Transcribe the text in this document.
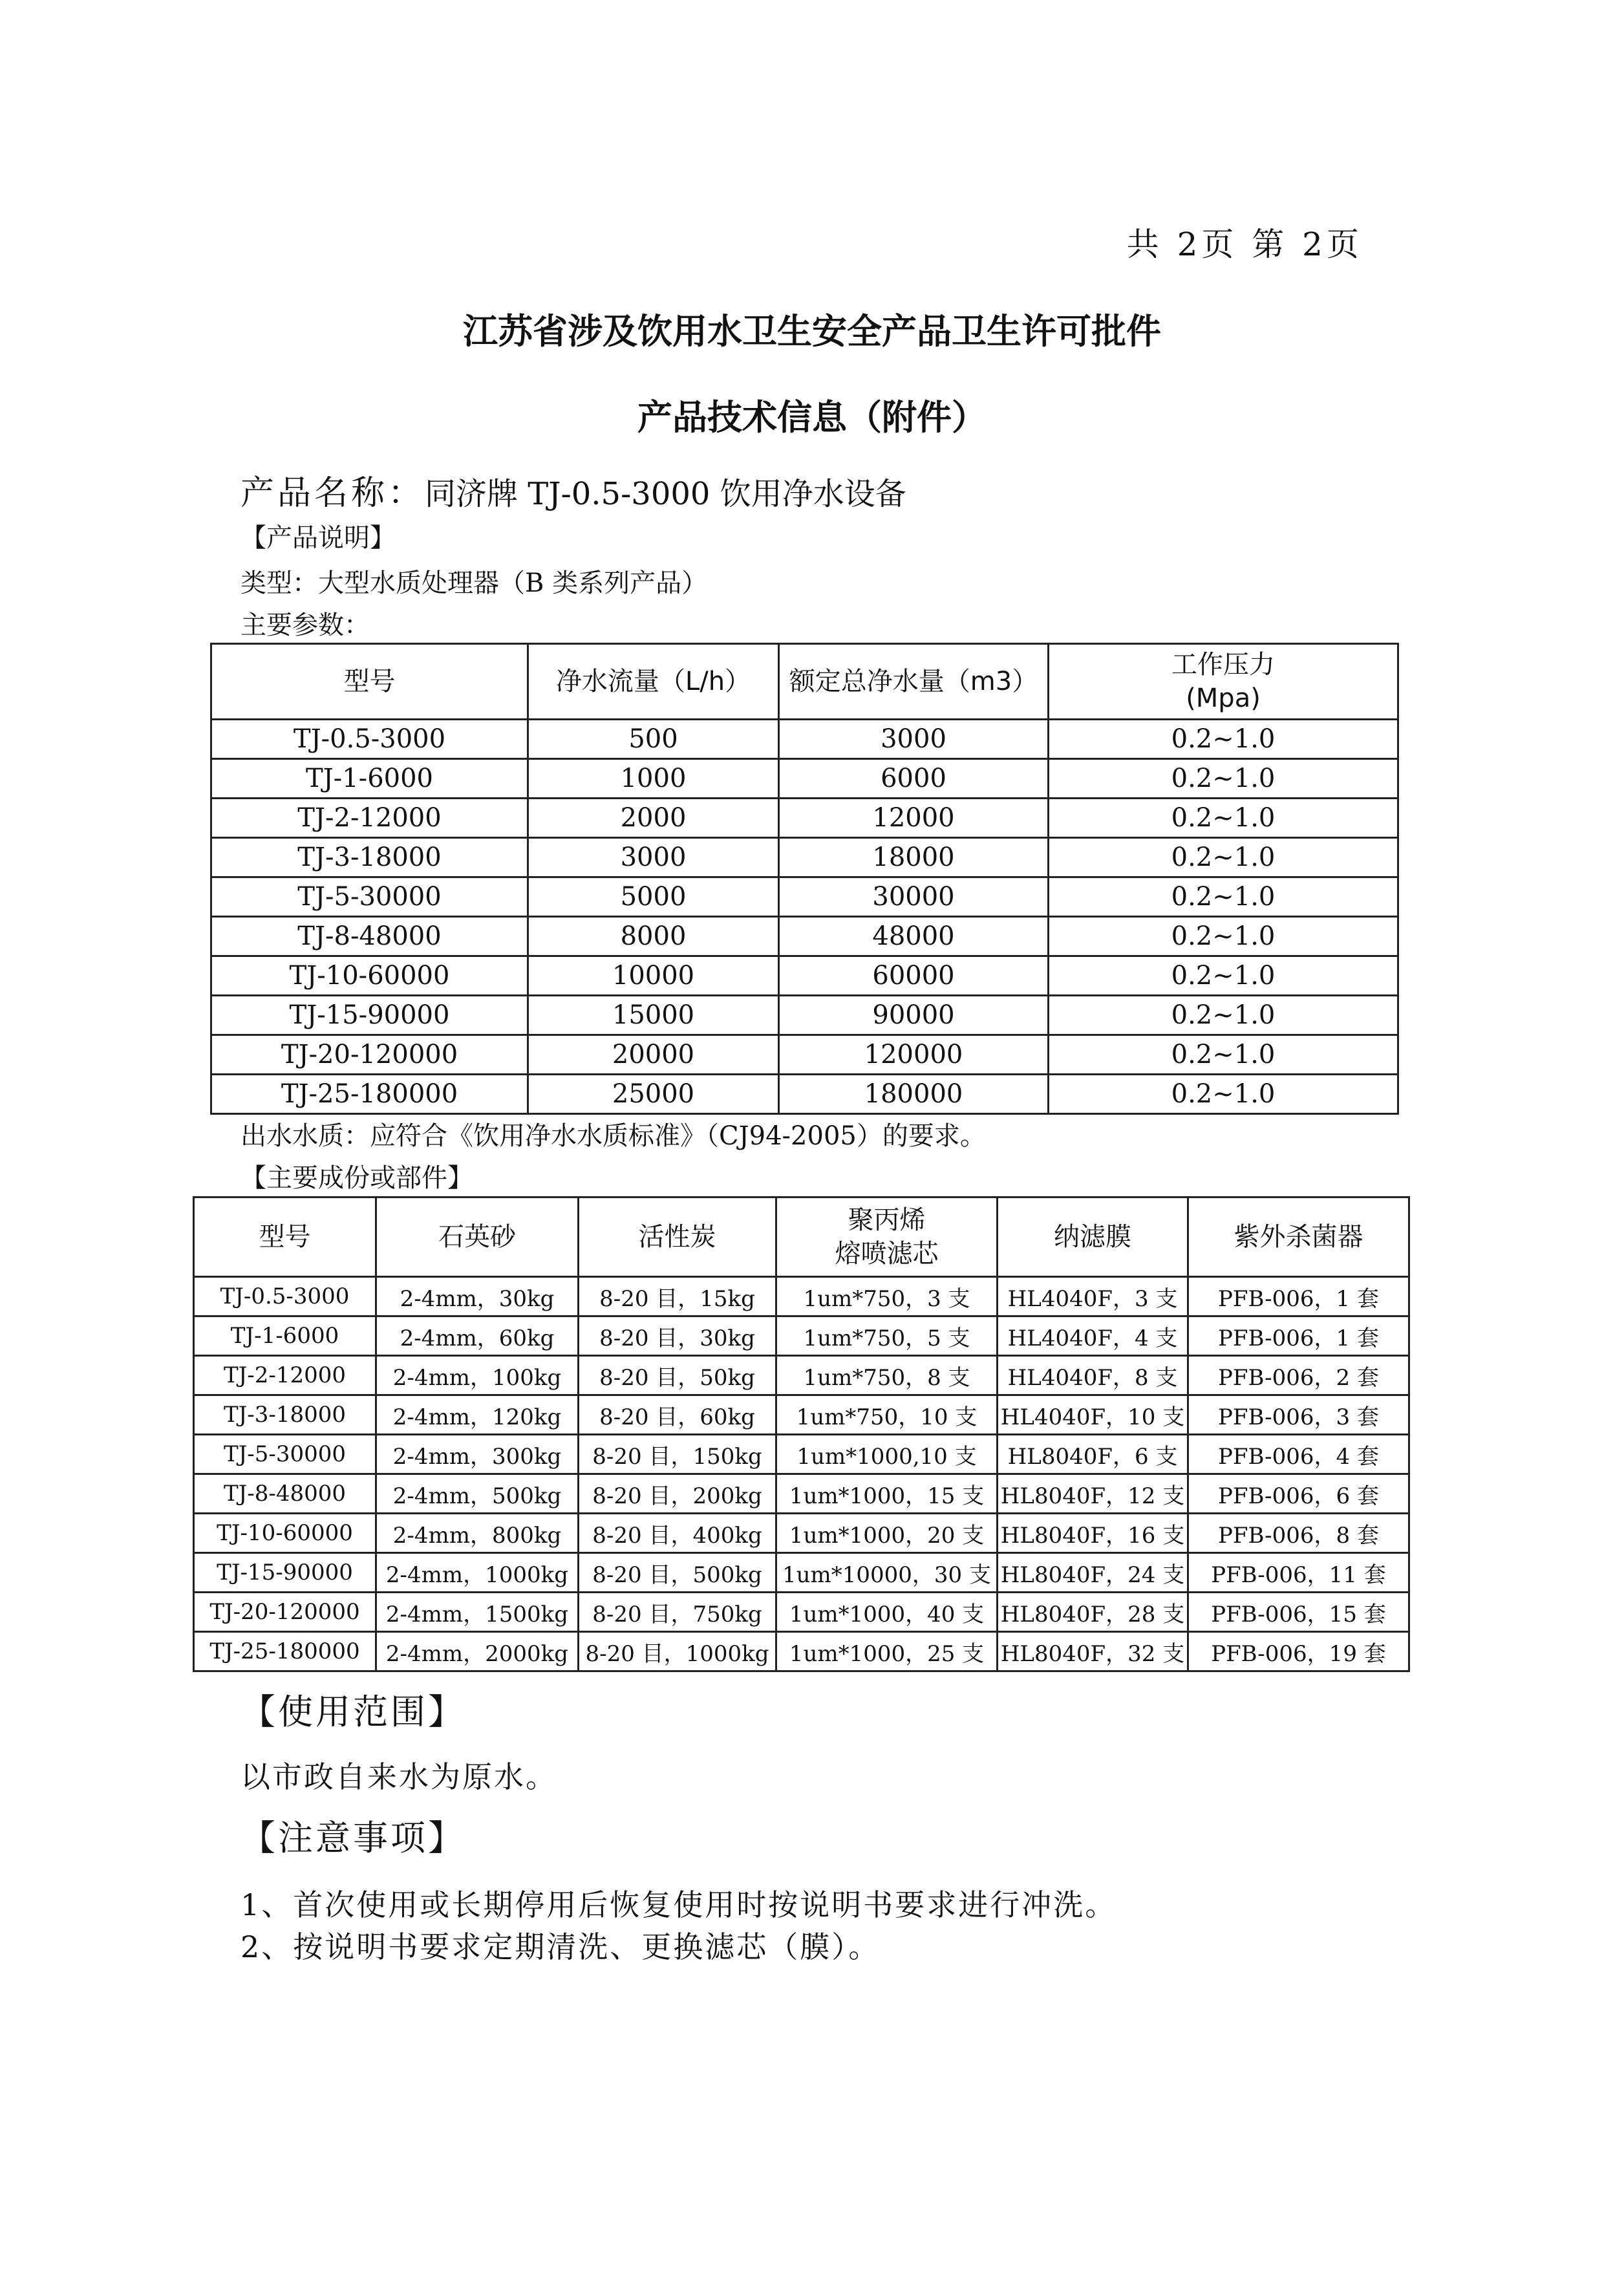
共 2页 第 2页
江苏省涉及饮用水卫生安全产品卫生许可批件
产品技术信息（附件）
产品名称：同济牌 TJ-0.5-3000 饮用净水设备
【产品说明】
类型：大型水质处理器（B 类系列产品）
主要参数：
型号	净水流量（L/h）	额定总净水量（m3）	工作压力
(Mpa)
TJ-0.5-3000	500	3000	0.2~1.0
TJ-1-6000	1000	6000	0.2~1.0
TJ-2-12000	2000	12000	0.2~1.0
TJ-3-18000	3000	18000	0.2~1.0
TJ-5-30000	5000	30000	0.2~1.0
TJ-8-48000	8000	48000	0.2~1.0
TJ-10-60000	10000	60000	0.2~1.0
TJ-15-90000	15000	90000	0.2~1.0
TJ-20-120000	20000	120000	0.2~1.0
TJ-25-180000	25000	180000	0.2~1.0
出水水质：应符合《饮用净水水质标准》（CJ94-2005）的要求。
【主要成份或部件】
型号	石英砂	活性炭	聚丙烯
熔喷滤芯	纳滤膜	紫外杀菌器
TJ-0.5-3000	2-4mm，30kg	8-20 目，15kg	1um*750，3 支	HL4040F，3 支	PFB-006，1 套
TJ-1-6000	2-4mm，60kg	8-20 目，30kg	1um*750，5 支	HL4040F，4 支	PFB-006，1 套
TJ-2-12000	2-4mm，100kg	8-20 目，50kg	1um*750，8 支	HL4040F，8 支	PFB-006，2 套
TJ-3-18000	2-4mm，120kg	8-20 目，60kg	1um*750，10 支	HL4040F，10 支	PFB-006，3 套
TJ-5-30000	2-4mm，300kg	8-20 目，150kg	1um*1000,10 支	HL8040F，6 支	PFB-006，4 套
TJ-8-48000	2-4mm，500kg	8-20 目，200kg	1um*1000，15 支	HL8040F，12 支	PFB-006，6 套
TJ-10-60000	2-4mm，800kg	8-20 目，400kg	1um*1000，20 支	HL8040F，16 支	PFB-006，8 套
TJ-15-90000	2-4mm，1000kg	8-20 目，500kg	1um*10000，30 支	HL8040F，24 支	PFB-006，11 套
TJ-20-120000	2-4mm，1500kg	8-20 目，750kg	1um*1000，40 支	HL8040F，28 支	PFB-006，15 套
TJ-25-180000	2-4mm，2000kg	8-20 目，1000kg	1um*1000，25 支	HL8040F，32 支	PFB-006，19 套
【使用范围】
以市政自来水为原水。
【注意事项】
1、首次使用或长期停用后恢复使用时按说明书要求进行冲洗。
2、按说明书要求定期清洗、更换滤芯（膜）。
